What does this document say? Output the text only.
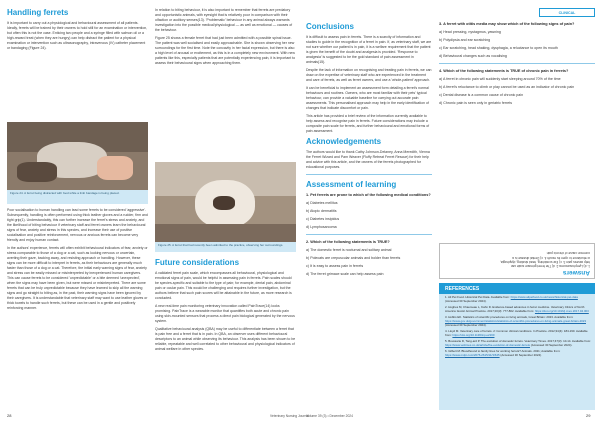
Handling ferrets
It is important to carry out a physiological and behavioural assessment of all patients. Ideally, ferrets will be trained by their owners to hold still for an examination or intervention, but often this is not the case. Enticing two people and a syringe filled with salmon oil or a high-reward treat (when they are hungry) can help distract the patient for a physical examination or intervention such as ultrasonography, intravenous (IV) catheter placement or bandaging (Figure 24).
Figure 24. A ferret being distracted with food while a limb bandage is being placed.
Poor socialisation to human handling can lead some ferrets to be considered 'aggressive'. Subsequently, handling is often performed using thick leather gloves and a rudder, firm and tight grip(1). Understandably, this can further increase the ferret's stress and anxiety, and the likelihood of biting behaviour if veterinary staff and ferret owners learn the behavioural signs of fear, anxiety and stress in this species, and increase their use of positive socialisation and positive reinforcement, nervous or anxious ferrets can become very friendly and enjoy human contact.
In the authors' experience, ferrets will often exhibit behavioural indicators of fear, anxiety or stress comparable to those of a dog or a cat, such as looking nervous or uncertain, averting their gaze, backing away, and resisting approach or handling. However, these signs can be more difficult to interpret in ferrets, as their behaviours are generally much faster than those of a dog or a cat. Therefore, the initial early warning signs of fear, anxiety and stress can be easily missed or misinterpreted by inexperienced human caregivers. This can cause ferrets to be considered 'unpredictable' or a bite deemed 'unexpected', when the signs may have been given, but were missed or misinterpreted. There are some ferrets that can be truly unpredictable because they have learned to skip all the warning signs and go straight to biting as, in the past, their warning signs have been ignored by their caregivers. It is understandable that veterinary staff may want to use leather gloves or thick towels to handle such ferrets, but these can be used in a gentle and positively reinforcing manner.
In relation to biting behaviour, it is also important to remember that ferrets are predatory and opportunistic animals, with eyesight that is relatively poor in comparison with their olfaction or auditory senses(13). 'Problematic' behaviour in any animal always warrants investigation into the possible medical/physiological — as well as emotional — causes of the behaviour.
Figure 25 shows a female ferret that had just been admitted with a possible spinal issue. The patient was well socialised and easily approachable. She is shown observing her new surroundings for the first time. Note the concavity in her facial expression, but there is also a high level of arousal or excitement, as this is in a completely new environment. With new patients like this, especially patients that are potentially experiencing pain, it is important to assess their behavioural signs when approaching them.
Figure 25. A ferret that had recently been admitted to the practice, observing her surroundings.
Future considerations
A validated ferret pain scale, which encompasses all behavioural, physiological and emotional signs of pain, would be helpful in assessing pain in ferrets. Pain scales should be species-specific and suitable to the type of pain; for example, dental pain, abdominal pain or ocular pain. This would be challenging and requires further investigation, but the authors believe that such pain scores will be attainable in the future, as more research is conducted.
A new real-time pain monitoring veterinary innovation called PainTrace(14) looks promising. PainTrace is a wearable monitor that quantifies both acute and chronic pain using skin-mounted sensors that process a direct pain biological generated by the nervous system.
Qualitative behavioural analysis (QBA) may be useful to differentiate between a ferret that is pain free and a ferret that is in pain. In QBA, an observer uses different behavioural descriptors to an animal while observing its behaviour. This analysis has been shown to be reliable, repeatable and well correlated to other behavioural and physiological indicators of animal welfare in other species.
28	Veterinary Nursing Journal
CLINICAL
Conclusions
It is difficult to assess pain in ferrets. There is a scarcity of information and studies to guide in the recognition of a ferret in pain. If, as veterinary staff, we are not sure whether our patient is in pain, it is a welfare requirement that the patient is given the benefit of the doubt and analgesia is provided. 'Response to analgesia' is suggested to be the gold standard of pain assessment in animals(15).
Despite the lack of information on recognising and treating pain in ferrets, we can draw on the expertise of veterinary staff who are experienced in the treatment and care of ferrets, as well as ferret owners, and use a 'whole-patient' approach.
It can be beneficial to implement an assessment form detailing a ferret's normal behaviours and routines. Owners, who are most familiar with their pets' typical behaviour, can provide a valuable baseline for carrying out accurate pain assessments. This personalised approach may help in the early identification of changes that indicate discomfort or pain.
This article has provided a brief review of the information currently available to help assess and recognise pain in ferrets. Future considerations may include a composite pain scale for ferrets, and further behavioural and emotional forms of pain assessment.
Acknowledgements
The authors would like to thank Cathy Johnson-Delaney, Anna Meredith, Vienna the Ferret Wizard and Pam Weaver (Fluffy Retreat Ferret Rescue) for their help and advice with this article, and the owners of the ferrets photographed for educational purposes.
Assessment of learning
1. Pet ferrets are prone to which of the following medical conditions?
a) Diabetes mellitus
b) Atopic dermatitis
c) Diabetes insipidus
d) Lymphosarcoma
2. Which of the following statements is TRUE?
a) The domestic ferret is nocturnal and solitary animal
b) Polecats are crepuscular animals and bolder than ferrets
c) It is easy to assess pain in ferrets
d) The ferret grimace scale can help assess pain
3. A ferret with otitis media may show which of the following signs of pain?
a) Head pressing, nystagmus, yawning
b) Polydipsia and ear scratching
c) Ear scratching, head shaking, dysphagia, a reluctance to open its mouth
d) Behavioural changes such as vocalising
4. Which of the following statements is TRUE of chronic pain in ferrets?
a) A ferret in chronic pain will suddenly start sleeping around 70% of the time
b) A ferret's reluctance to climb or play cannot be used as an indicator of chronic pain
c) Dental disease is a common cause of chronic pain
d) Chronic pain is seen only in geriatric ferrets
Answers
1. d) Lymphosarcoma 2. d) The ferret grimace scale can
help assess pain 3. c) Ear scratching, head shaking, dysphagia,
a reluctance to open its mouth 4. c) Dental disease is a
common cause of chronic pain
REFERENCES
1. Ali Pet Food. Historical Pet Data. Available from: https://www.alipetfood.co.uk/news/historical-pet-data (Accessed 30 September 2024).
2. Hughes M, Chaumeau L, Kahn D. Evidence-based advances in ferret medicine. Veterinary Clinics of North America: Exotic Animal Practice. 2017;20(3): 777-802. Available from: https://doi.org/10.1016/j.cvex.2017.04.003
3. Hobbs EK. Statistics of scientific procedures on living animals, Great Britain: 2023. Available from: https://www.gov.uk/government/statistics/statistics-of-scientific-procedures-on-living-animals-great-britain-2023 (Accessed 30 September 2024).
4. Lloyd M. Veterinary care of ferrets. 2: Common clinical conditions. In Practice. 2012;34(4): 184-190. Available from: https://doi.org/10.1136/inp.e2160
5. Boussarie D, Tang-ard P. The evolution of domestic ferrets. Veterinary Times. 2017;47(3): 10-14. Available from: https://www.vettimes.co.uk/article/the-evolution-of-domestic-ferrets (Accessed 30 September 2024).
6. Gilbert M. Bloodhound to family lines for working ferrets? Animals. 2021; Available from: https://www.mdpi.com/2076-2615/11/3/645 (Accessed 30 September 2024).
Volume 39 (3) • December 2024	29
